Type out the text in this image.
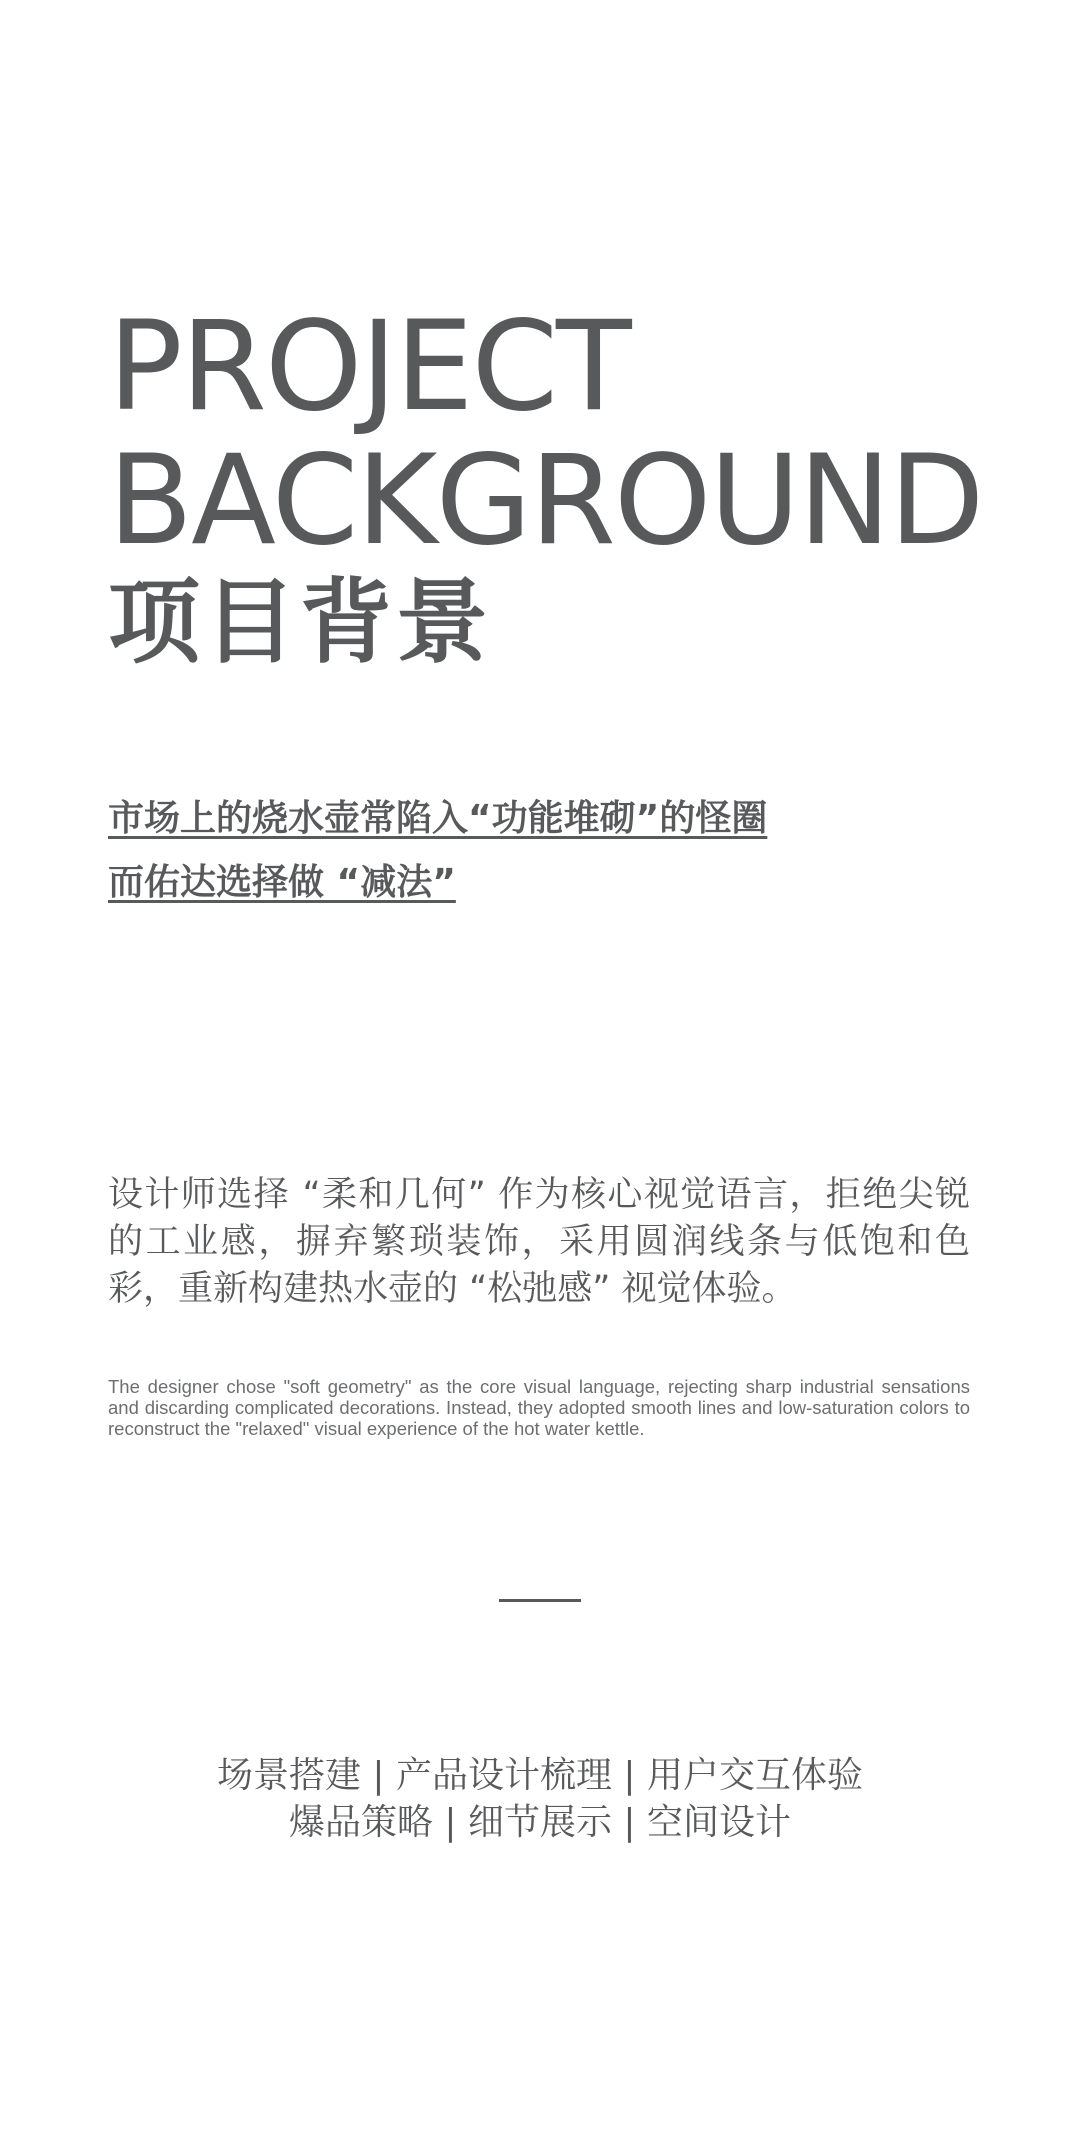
PROJECT
BACKGROUND
项目背景
市场上的烧水壶常陷入“功能堆砌”的怪圈
而佑达选择做 “减法”

设计师选择 “柔和几何” 作为核心视觉语言，拒绝尖锐的工业感，摒弃繁琐装饰，采用圆润线条与低饱和色彩，重新构建热水壶的 “松弛感” 视觉体验。

The designer chose "soft geometry" as the core visual language, rejecting sharp industrial sensations and discarding complicated decorations. Instead, they adopted smooth lines and low-saturation colors to reconstruct the "relaxed" visual experience of the hot water kettle.

场景搭建 | 产品设计梳理 | 用户交互体验
爆品策略 | 细节展示 | 空间设计
